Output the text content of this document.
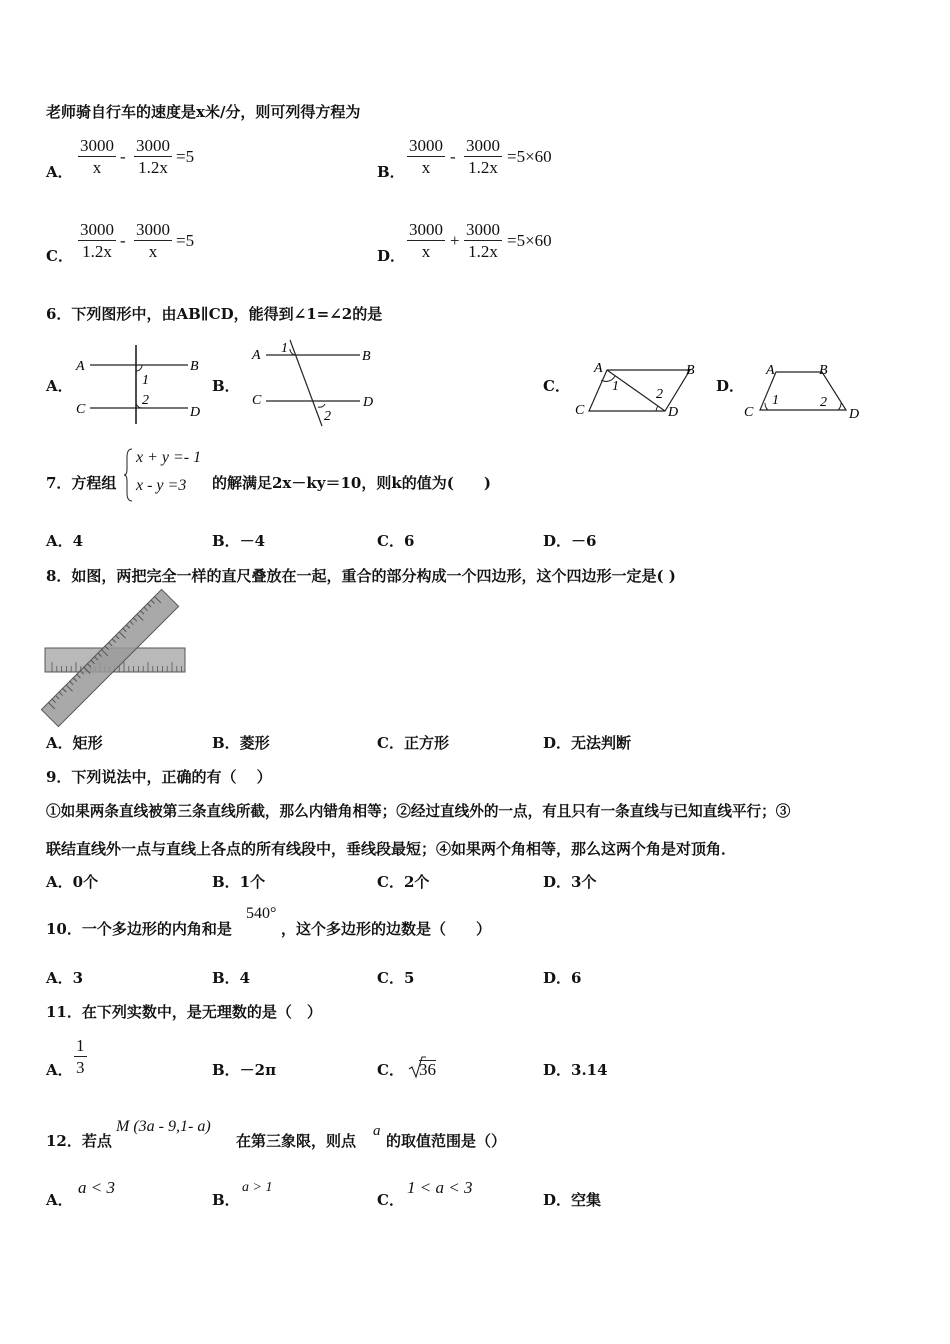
老师骑自行车的速度是x米/分，则可列得方程为
A． $\frac{3000}{x} - \frac{3000}{1.2x} =5$
B． $\frac{3000}{x} - \frac{3000}{1.2x} =5\times 60$
C． $\frac{3000}{1.2x} - \frac{3000}{x} =5$
D． $\frac{3000}{x} + \frac{3000}{1.2x} =5\times 60$
6．下列图形中，由AB∥CD，能得到∠1=∠2的是
A．	B．	C．	D．
A	B
C	D
1
2
A	B
C	D
1
2
A	B
C	D
1
2
A	B
C	D
1	2
7．方程组
x + y =- 1
x - y =3 的解满足2x－ky＝10，则k的值为(　　)
A．4	B．－4	C．6	D．－6
8．如图，两把完全一样的直尺叠放在一起，重合的部分构成一个四边形，这个四边形一定是( )
A．矩形	B．菱形	C．正方形	D．无法判断
9．下列说法中，正确的有（　 ）
①如果两条直线被第三条直线所截，那么内错角相等；②经过直线外的一点，有且只有一条直线与已知直线平行；③
联结直线外一点与直线上各点的所有线段中，垂线段最短；④如果两个角相等，那么这两个角是对顶角．
A．0个	B．1个	C．2个	D．3个
10．一个多边形的内角和是
540°
，这个多边形的边数是（　　）
A．3	B．4	C．5	D．6
11．在下列实数中，是无理数的是（　）
A． $\frac{1}{3}$	B．－2π	C． 36	D．3.14
12．若点
M (3a - 9,1- a)
在第三象限，则点
a
的取值范围是（）
A．
a < 3
B．
a > 1
C．
1 < a < 3
D．空集
